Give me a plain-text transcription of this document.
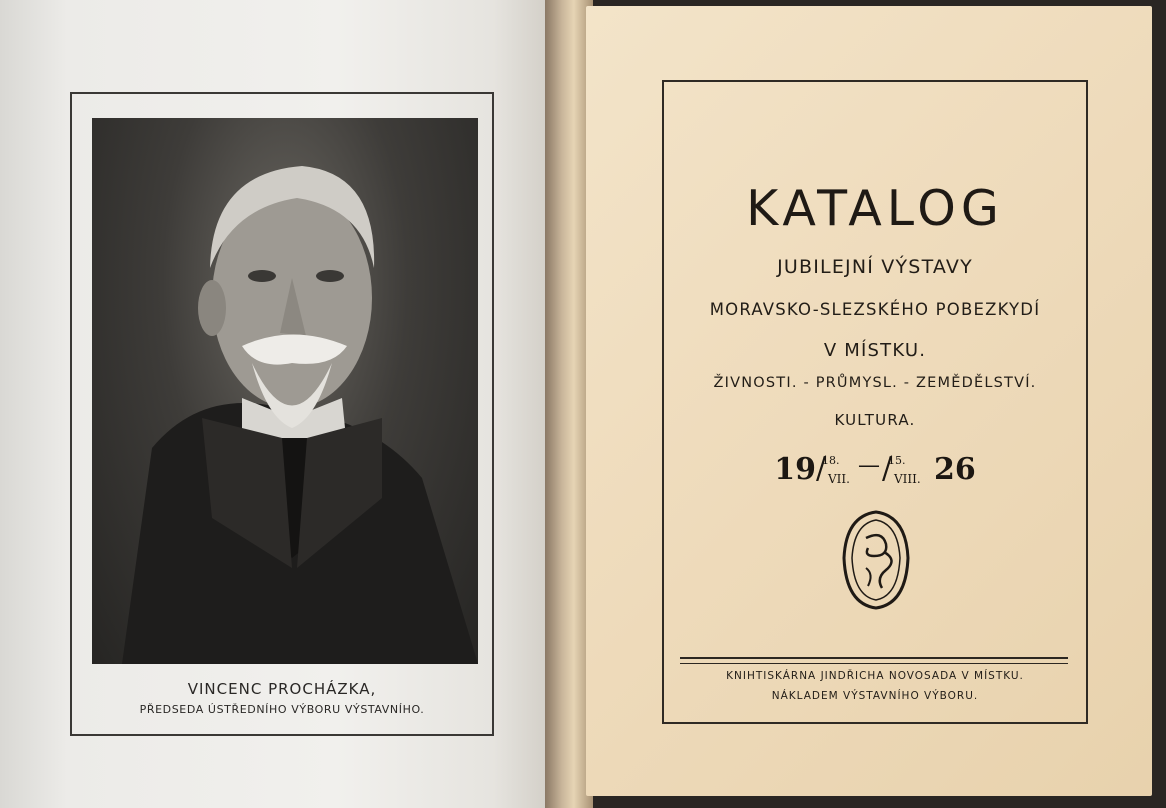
VINCENC PROCHÁZKA,
PŘEDSEDA ÚSTŘEDNÍHO VÝBORU VÝSTAVNÍHO.
KATALOG
JUBILEJNÍ VÝSTAVY
MORAVSKO-SLEZSKÉHO POBEZKYDÍ
V MÍSTKU.
ŽIVNOSTI. - PRŮMYSL. - ZEMĚDĚLSTVÍ.
KULTURA.
19 18.
/ VII.
— 15.
/ VIII. 26
KNIHTISKÁRNA JINDŘICHA NOVOSADA V MÍSTKU.
NÁKLADEM VÝSTAVNÍHO VÝBORU.
